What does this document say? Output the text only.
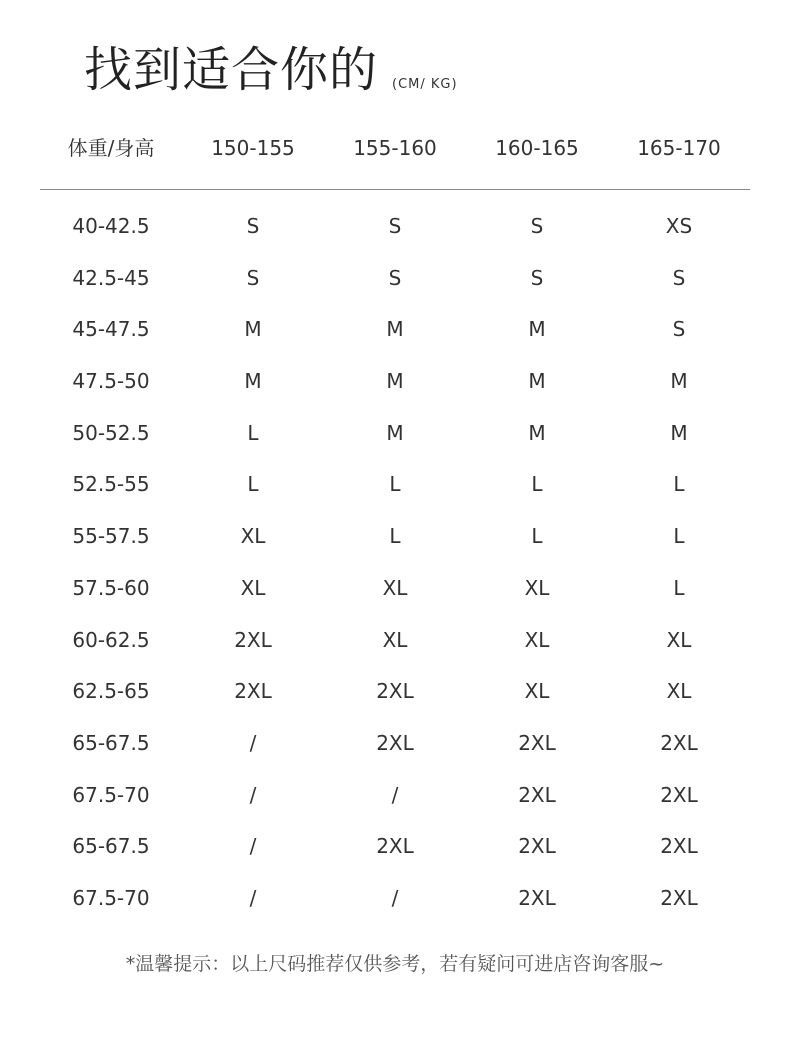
找到适合你的 (CM/ KG)
体重/身高	150-155	155-160	160-165	165-170
40-42.5	S	S	S	XS
42.5-45	S	S	S	S
45-47.5	M	M	M	S
47.5-50	M	M	M	M
50-52.5	L	M	M	M
52.5-55	L	L	L	L
55-57.5	XL	L	L	L
57.5-60	XL	XL	XL	L
60-62.5	2XL	XL	XL	XL
62.5-65	2XL	2XL	XL	XL
65-67.5	/	2XL	2XL	2XL
67.5-70	/	/	2XL	2XL
65-67.5	/	2XL	2XL	2XL
67.5-70	/	/	2XL	2XL
*温馨提示：以上尺码推荐仅供参考，若有疑问可进店咨询客服~
